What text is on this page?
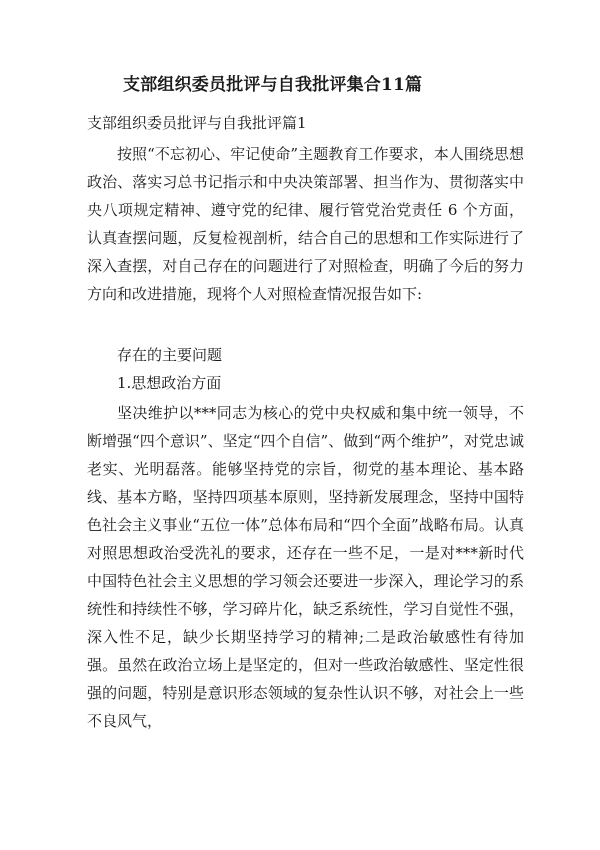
支部组织委员批评与自我批评集合11篇
支部组织委员批评与自我批评篇1

按照“不忘初心、牢记使命”主题教育工作要求，本人围绕思想政治、落实习总书记指示和中央决策部署、担当作为、贯彻落实中央八项规定精神、遵守党的纪律、履行管党治党责任 6 个方面，认真查摆问题，反复检视剖析，结合自己的思想和工作实际进行了深入查摆，对自己存在的问题进行了对照检查，明确了今后的努力方向和改进措施，现将个人对照检查情况报告如下:

存在的主要问题
1.思想政治方面

坚决维护以***同志为核心的党中央权威和集中统一领导，不断增强“四个意识”、坚定“四个自信”、做到“两个维护”，对党忠诚老实、光明磊落。能够坚持党的宗旨，彻党的基本理论、基本路线、基本方略，坚持四项基本原则，坚持新发展理念，坚持中国特色社会主义事业“五位一体”总体布局和“四个全面”战略布局。认真对照思想政治受洗礼的要求，还存在一些不足，一是对***新时代中国特色社会主义思想的学习领会还要进一步深入，理论学习的系统性和持续性不够，学习碎片化，缺乏系统性，学习自觉性不强，深入性不足，缺少长期坚持学习的精神;二是政治敏感性有待加强。虽然在政治立场上是坚定的，但对一些政治敏感性、坚定性很强的问题，特别是意识形态领域的复杂性认识不够，对社会上一些不良风气，
